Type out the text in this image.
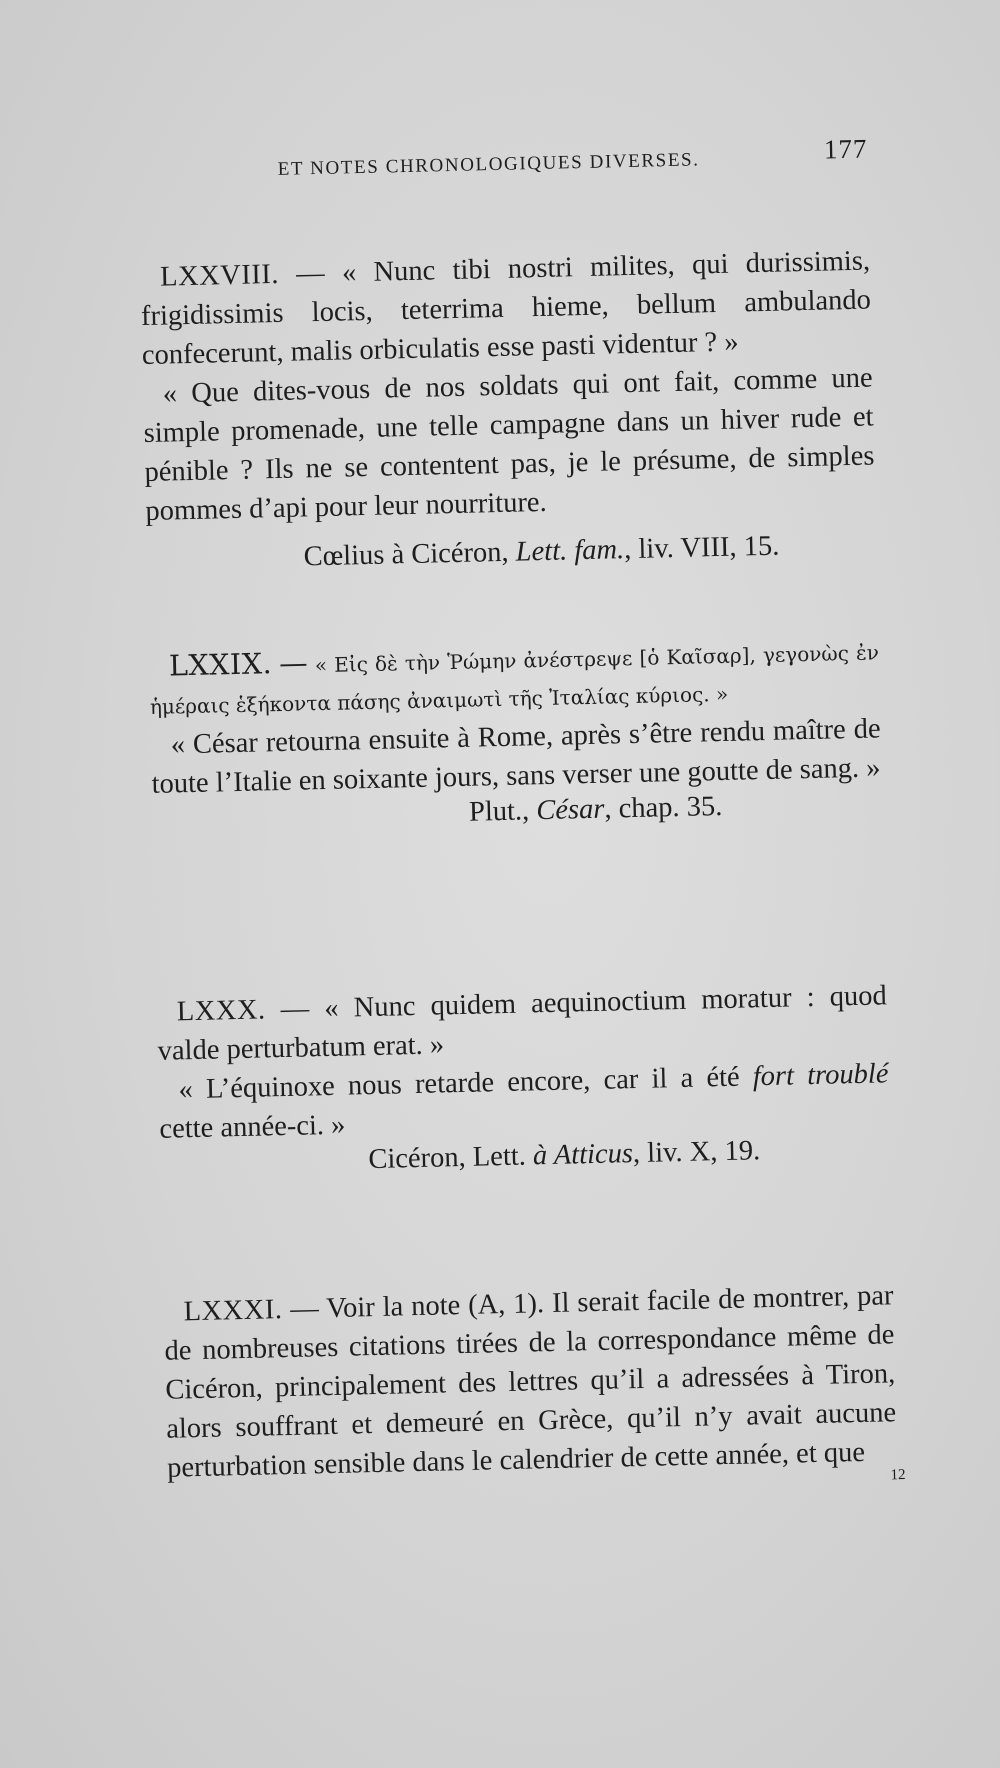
ET NOTES CHRONOLOGIQUES DIVERSES.
177

LXXVIII. — « Nunc tibi nostri milites, qui durissimis, frigidissimis locis, teterrima hieme, bellum ambulando confecerunt, malis orbiculatis esse pasti videntur ? »

« Que dites-vous de nos soldats qui ont fait, comme une simple promenade, une telle campagne dans un hiver rude et pénible ? Ils ne se contentent pas, je le présume, de simples pommes d’api pour leur nourriture.

Cœlius à Cicéron, Lett. fam., liv. VIII, 15.

LXXIX. — « Εἰς δὲ τὴν Ῥώμην ἀνέστρεψε [ὁ Καῖσαρ], γεγονὼς ἐν ἡμέραις ἑξήκοντα πάσης ἀναιμωτὶ τῆς Ἰταλίας κύριος. »

« César retourna ensuite à Rome, après s’être rendu maître de toute l’Italie en soixante jours, sans verser une goutte de sang. »

Plut., César, chap. 35.

LXXX. — « Nunc quidem aequinoctium moratur : quod valde perturbatum erat. »

« L’équinoxe nous retarde encore, car il a été fort troublé cette année-ci. »

Cicéron, Lett. à Atticus, liv. X, 19.

LXXXI. — Voir la note (A, 1). Il serait facile de montrer, par de nombreuses citations tirées de la correspondance même de Cicéron, principalement des lettres qu’il a adressées à Tiron, alors souffrant et demeuré en Grèce, qu’il n’y avait aucune perturbation sensible dans le calendrier de cette année, et que	12
